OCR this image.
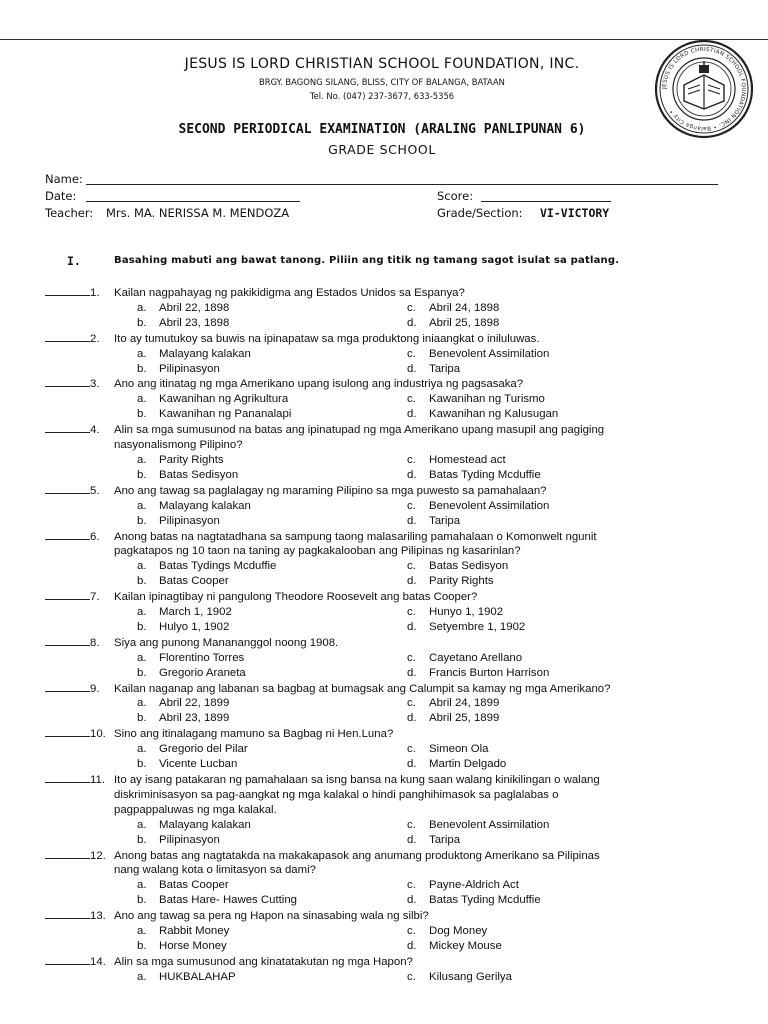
JESUS IS LORD CHRISTIAN SCHOOL FOUNDATION, INC.
BRGY. BAGONG SILANG, BLISS, CITY OF BALANGA, BATAAN
Tel. No. (047) 237-3677, 633-5356
JESUS IS LORD CHRISTIAN SCHOOL FOUNDATION INC. • Balanga City •
SECOND PERIODICAL EXAMINATION (ARALING PANLIPUNAN 6)
GRADE SCHOOL
Name:
Date:	Score:
Teacher: Mrs. MA. NERISSA M. MENDOZA	Grade/Section: VI-VICTORY
I.	Basahing mabuti ang bawat tanong. Piliin ang titik ng tamang sagot isulat sa patlang.
1.	Kailan nagpahayag ng pakikidigma ang Estados Unidos sa Espanya?
a.	Abril 22, 1898	c.	Abril 24, 1898
b.	Abril 23, 1898	d.	Abril 25, 1898
2.	Ito ay tumutukoy sa buwis na ipinapataw sa mga produktong iniaangkat o iniluluwas.
a.	Malayang kalakan	c.	Benevolent Assimilation
b.	Pilipinasyon	d.	Taripa
3.	Ano ang itinatag ng mga Amerikano upang isulong ang industriya ng pagsasaka?
a.	Kawanihan ng Agrikultura	c.	Kawanihan ng Turismo
b.	Kawanihan ng Pananalapi	d.	Kawanihan ng Kalusugan
4.	Alin sa mga sumusunod na batas ang ipinatupad ng mga Amerikano upang masupil ang pagiging
nasyonalismong Pilipino?
a.	Parity Rights	c.	Homestead act
b.	Batas Sedisyon	d.	Batas Tyding Mcduffie
5.	Ano ang tawag sa paglalagay ng maraming Pilipino sa mga puwesto sa pamahalaan?
a.	Malayang kalakan	c.	Benevolent Assimilation
b.	Pilipinasyon	d.	Taripa
6.	Anong batas na nagtatadhana sa sampung taong malasariling pamahalaan o Komonwelt ngunit
pagkatapos ng 10 taon na taning ay pagkakalooban ang Pilipinas ng kasarinlan?
a.	Batas Tydings Mcduffie	c.	Batas Sedisyon
b.	Batas Cooper	d.	Parity Rights
7.	Kailan ipinagtibay ni pangulong Theodore Roosevelt ang batas Cooper?
a.	March 1, 1902	c.	Hunyo 1, 1902
b.	Hulyo 1, 1902	d.	Setyembre 1, 1902
8.	Siya ang punong Manananggol noong 1908.
a.	Florentino Torres	c.	Cayetano Arellano
b.	Gregorio Araneta	d.	Francis Burton Harrison
9.	Kailan naganap ang labanan sa bagbag at bumagsak ang Calumpit sa kamay ng mga Amerikano?
a.	Abril 22, 1899	c.	Abril 24, 1899
b.	Abril 23, 1899	d.	Abril 25, 1899
10. Sino ang itinalagang mamuno sa Bagbag ni Hen.Luna?
a.	Gregorio del Pilar	c.	Simeon Ola
b.	Vicente Lucban	d.	Martin Delgado
11. Ito ay isang patakaran ng pamahalaan sa isng bansa na kung saan walang kinikilingan o walang
diskriminisasyon sa pag-aangkat ng mga kalakal o hindi panghihimasok sa paglalabas o
pagpappaluwas ng mga kalakal.
a.	Malayang kalakan	c.	Benevolent Assimilation
b.	Pilipinasyon	d.	Taripa
12. Anong batas ang nagtatakda na makakapasok ang anumang produktong Amerikano sa Pilipinas
nang walang kota o limitasyon sa dami?
a.	Batas Cooper	c.	Payne-Aldrich Act
b.	Batas Hare- Hawes Cutting	d.	Batas Tyding Mcduffie
13. Ano ang tawag sa pera ng Hapon na sinasabing wala ng silbi?
a.	Rabbit Money	c.	Dog Money
b.	Horse Money	d.	Mickey Mouse
14. Alin sa mga sumusunod ang kinatatakutan ng mga Hapon?
a.	HUKBALAHAP	c.	Kilusang Gerilya
